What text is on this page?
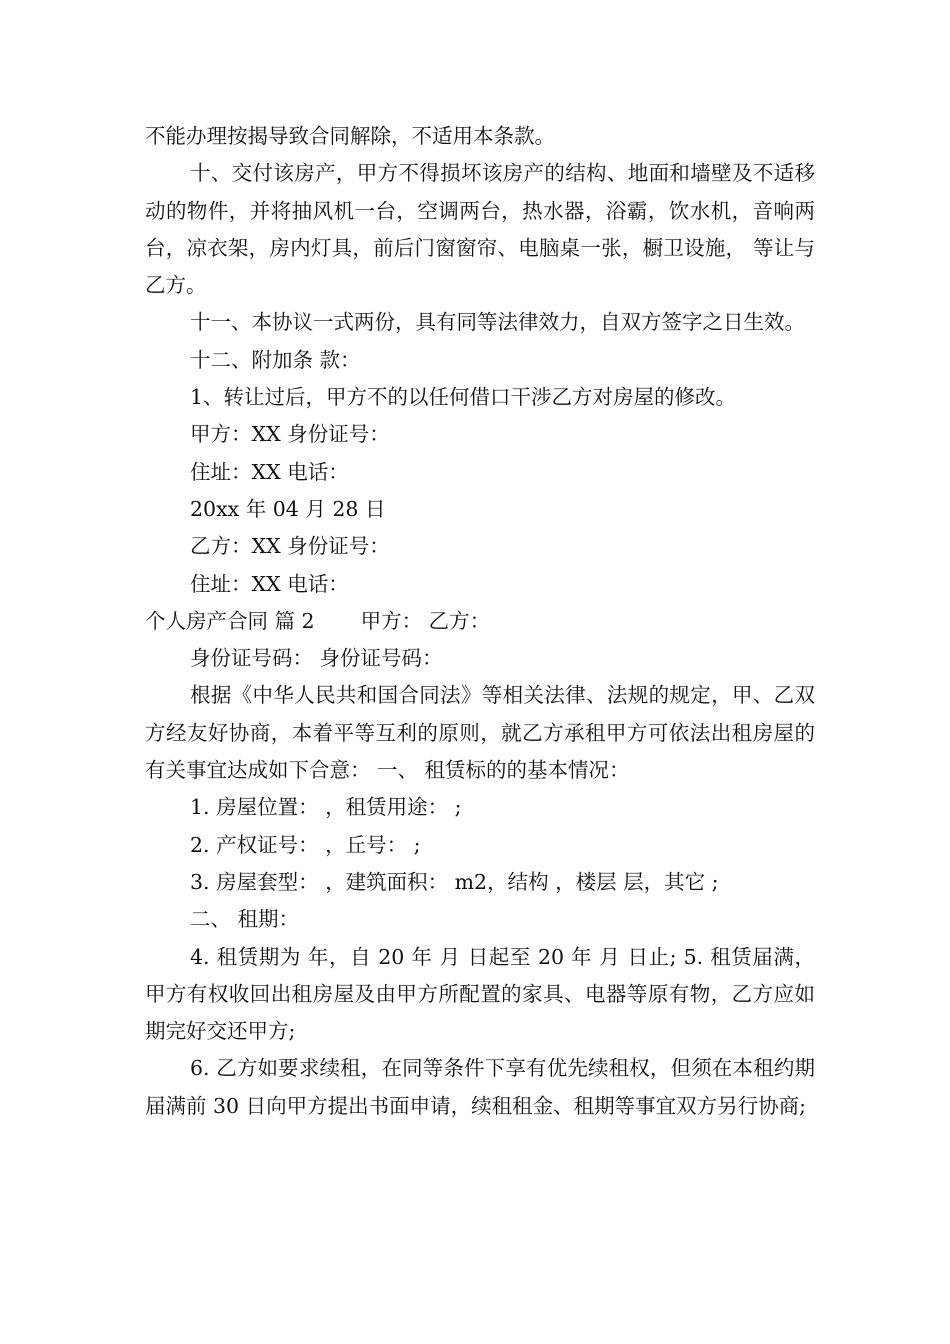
不能办理按揭导致合同解除，不适用本条款。

十、交付该房产，甲方不得损坏该房产的结构、地面和墙壁及不适移动的物件，并将抽风机一台，空调两台，热水器，浴霸，饮水机，音响两台，凉衣架，房内灯具，前后门窗窗帘、电脑桌一张，橱卫设施， 等让与乙方。

十一、本协议一式两份，具有同等法律效力，自双方签字之日生效。

十二、附加条 款：

1、转让过后，甲方不的以任何借口干涉乙方对房屋的修改。

甲方：XX 身份证号：

住址：XX 电话：

20xx 年 04 月 28 日

乙方：XX 身份证号：

住址：XX 电话：

个人房产合同 篇 2 甲方： 乙方：

身份证号码： 身份证号码：

根据《中华人民共和国合同法》等相关法律、法规的规定，甲、乙双方经友好协商，本着平等互利的原则，就乙方承租甲方可依法出租房屋的有关事宜达成如下合意： 一、 租赁标的的基本情况：

1. 房屋位置： ，租赁用途： ;

2. 产权证号： ，丘号： ;

3. 房屋套型： ，建筑面积： m2，结构 ，楼层 层，其它 ;

二、 租期：

4. 租赁期为 年，自 20 年 月 日起至 20 年 月 日止; 5. 租赁届满，甲方有权收回出租房屋及由甲方所配置的家具、电器等原有物，乙方应如期完好交还甲方;

6. 乙方如要求续租，在同等条件下享有优先续租权，但须在本租约期届满前 30 日向甲方提出书面申请，续租租金、租期等事宜双方另行协商;
